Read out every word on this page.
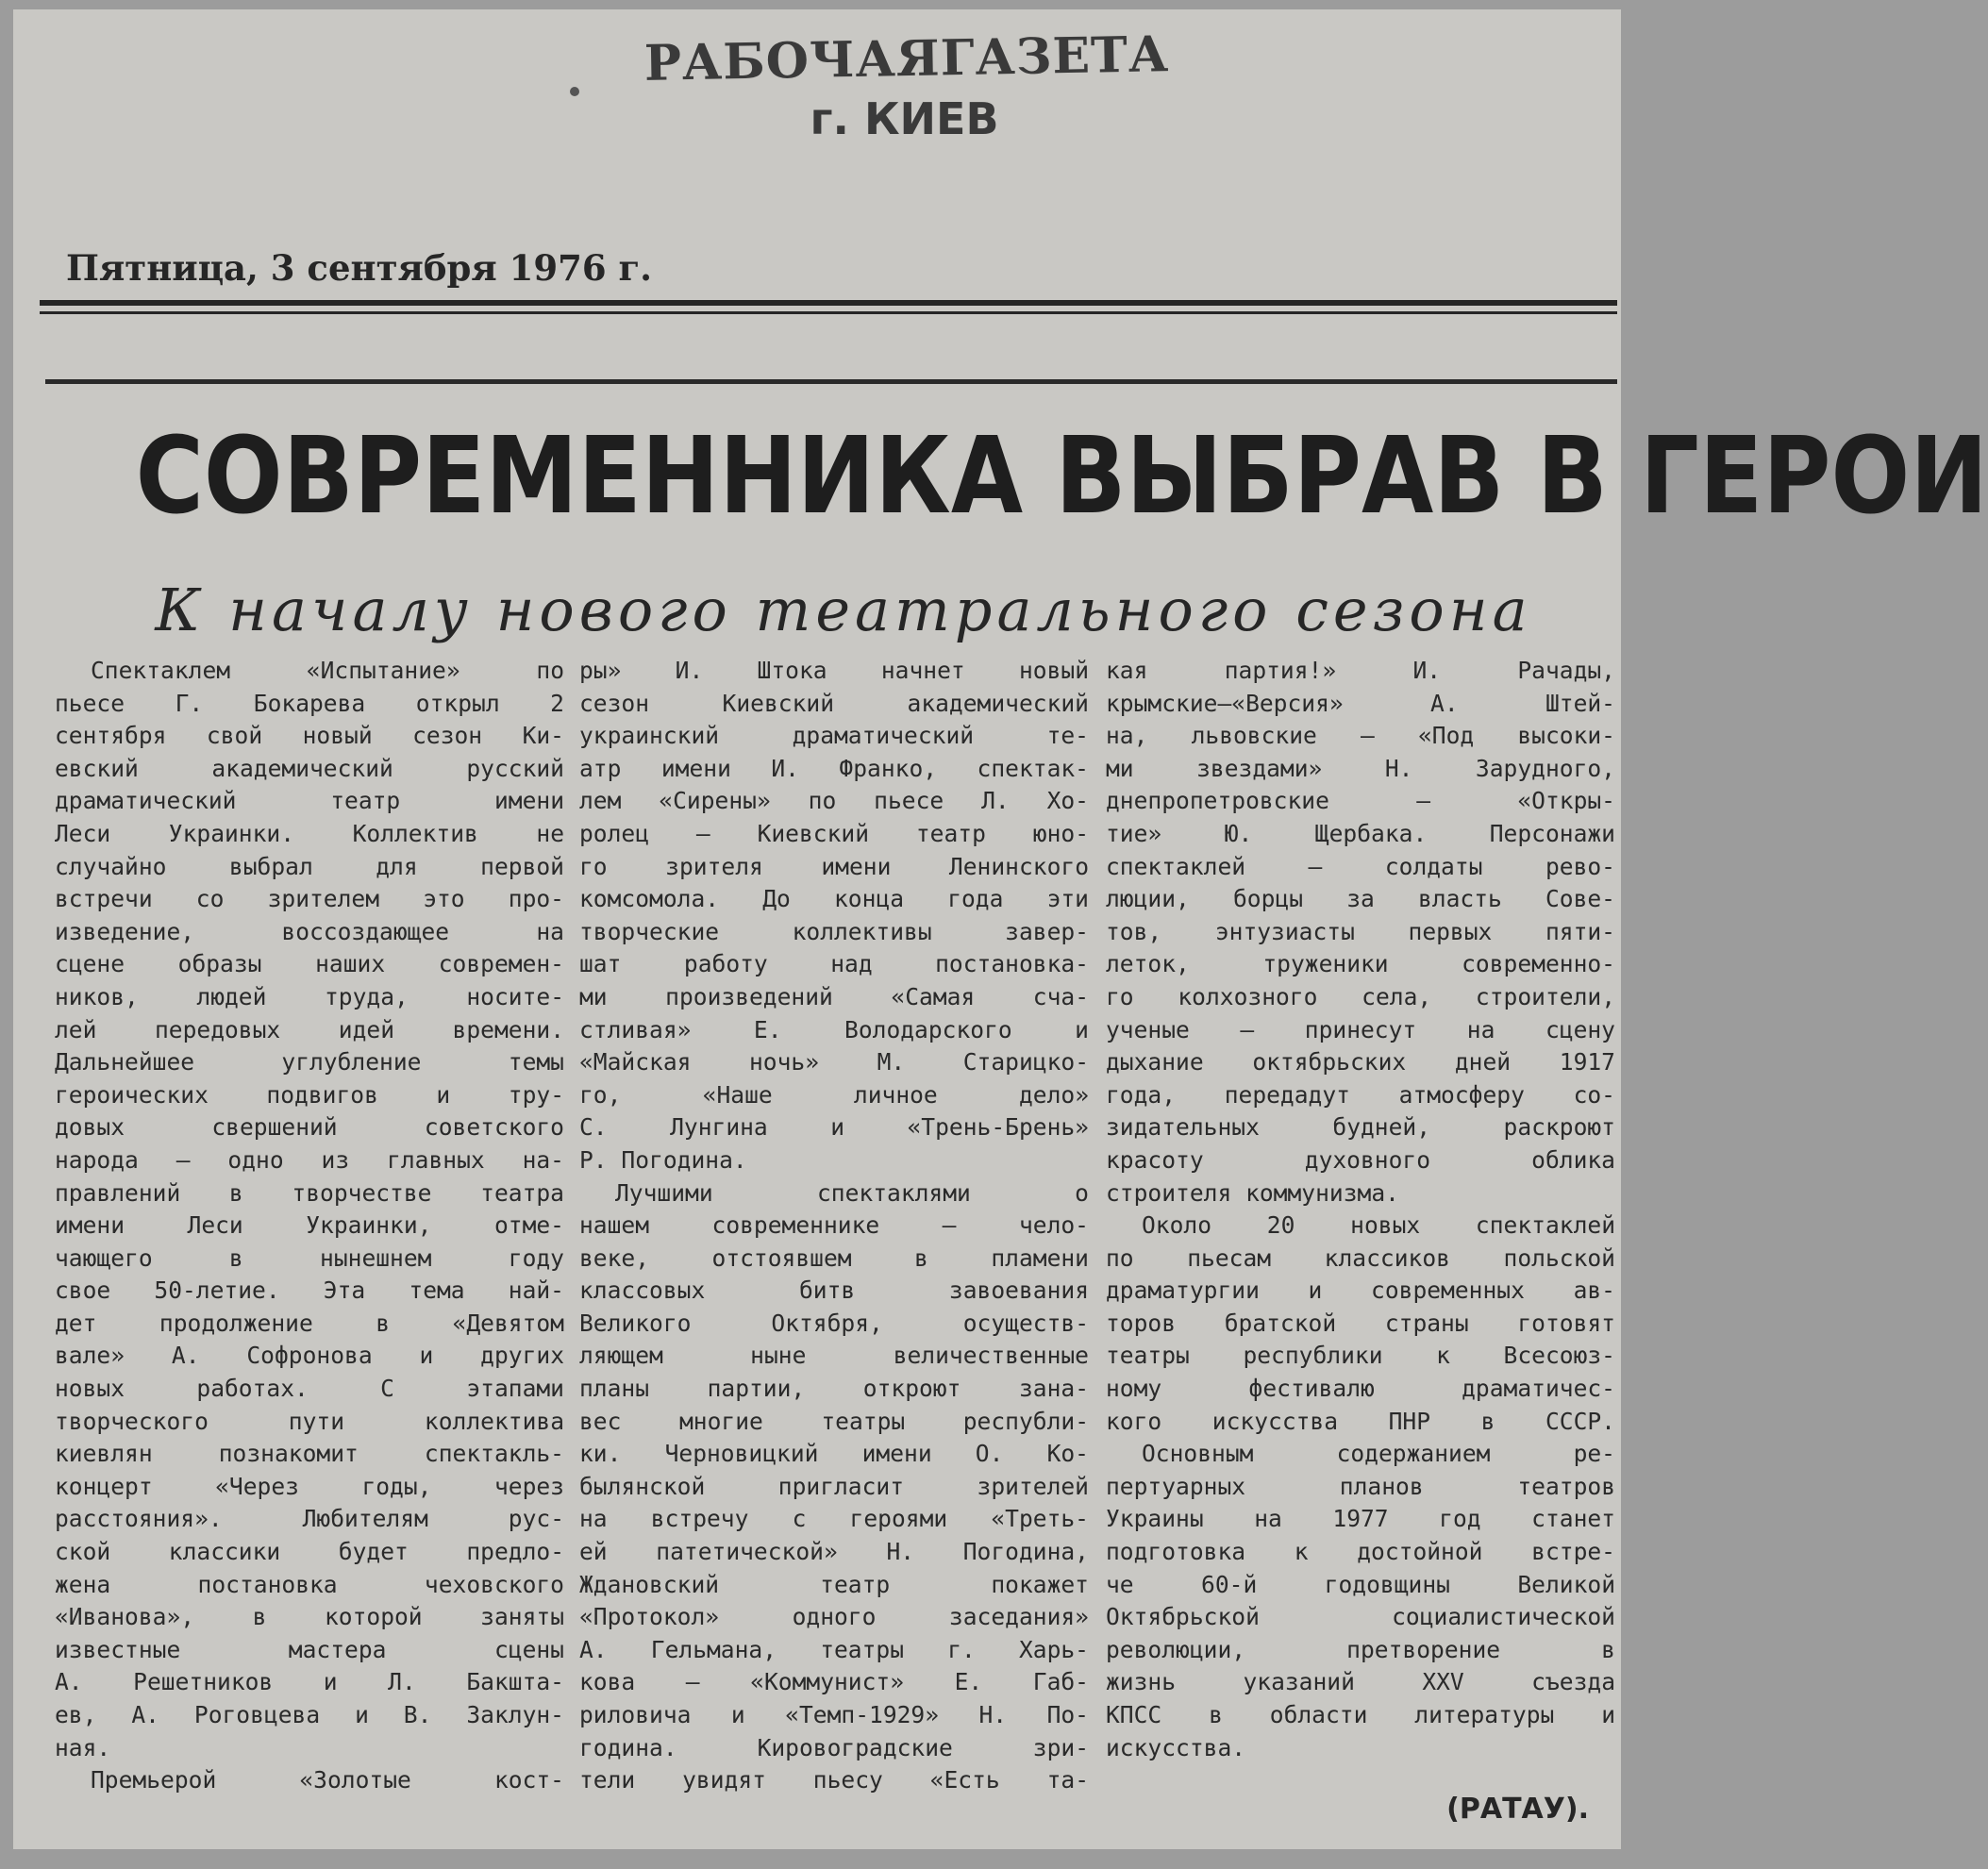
РАБОЧАЯГАЗЕТА
г. КИЕВ
Пятница, 3 сентября 1976 г.
СОВРЕМЕННИКА ВЫБРАВ В ГЕРОИ
К началу нового театрального сезона

Спектаклем «Испытание» по

пьесе Г. Бокарева открыл 2

сентября свой новый сезон Ки-

евский академический русский

драматический театр имени

Леси Украинки. Коллектив не

случайно выбрал для первой

встречи со зрителем это про-

изведение, воссоздающее на

сцене образы наших современ-

ников, людей труда, носите-

лей передовых идей времени.

Дальнейшее углубление темы

героических подвигов и тру-

довых свершений советского

народа — одно из главных на-

правлений в творчестве театра

имени Леси Украинки, отме-

чающего в нынешнем году

свое 50-летие. Эта тема най-

дет продолжение в «Девятом

вале» А. Софронова и других

новых работах. С этапами

творческого пути коллектива

киевлян познакомит спектакль-

концерт «Через годы, через

расстояния». Любителям рус-

ской классики будет предло-

жена постановка чеховского

«Иванова», в которой заняты

известные мастера сцены

А. Решетников и Л. Бакшта-

ев, А. Роговцева и В. Заклун-

ная.

Премьерой «Золотые кост-

ры» И. Штока начнет новый

сезон Киевский академический

украинский драматический те-

атр имени И. Франко, спектак-

лем «Сирены» по пьесе Л. Хо-

ролец — Киевский театр юно-

го зрителя имени Ленинского

комсомола. До конца года эти

творческие коллективы завер-

шат работу над постановка-

ми произведений «Самая сча-

стливая» Е. Володарского и

«Майская ночь» М. Старицко-

го, «Наше личное дело»

С. Лунгина и «Трень-Брень»

Р. Погодина.

Лучшими спектаклями о

нашем современнике — чело-

веке, отстоявшем в пламени

классовых битв завоевания

Великого Октября, осуществ-

ляющем ныне величественные

планы партии, откроют зана-

вес многие театры республи-

ки. Черновицкий имени О. Ко-

былянской пригласит зрителей

на встречу с героями «Треть-

ей патетической» Н. Погодина,

Ждановский театр покажет

«Протокол» одного заседания»

А. Гельмана, театры г. Харь-

кова — «Коммунист» Е. Габ-

риловича и «Темп-1929» Н. По-

година. Кировоградские зри-

тели увидят пьесу «Есть та-

кая партия!» И. Рачады,

крымские—«Версия» А. Штей-

на, львовские — «Под высоки-

ми звездами» Н. Зарудного,

днепропетровские — «Откры-

тие» Ю. Щербака. Персонажи

спектаклей — солдаты рево-

люции, борцы за власть Сове-

тов, энтузиасты первых пяти-

леток, труженики современно-

го колхозного села, строители,

ученые — принесут на сцену

дыхание октябрьских дней 1917

года, передадут атмосферу со-

зидательных будней, раскроют

красоту духовного облика

строителя коммунизма.

Около 20 новых спектаклей

по пьесам классиков польской

драматургии и современных ав-

торов братской страны готовят

театры республики к Всесоюз-

ному фестивалю драматичес-

кого искусства ПНР в СССР.

Основным содержанием ре-

пертуарных планов театров

Украины на 1977 год станет

подготовка к достойной встре-

че 60-й годовщины Великой

Октябрьской социалистической

революции, претворение в

жизнь указаний XXV съезда

КПСС в области литературы и

искусства.

(РАТАУ).
